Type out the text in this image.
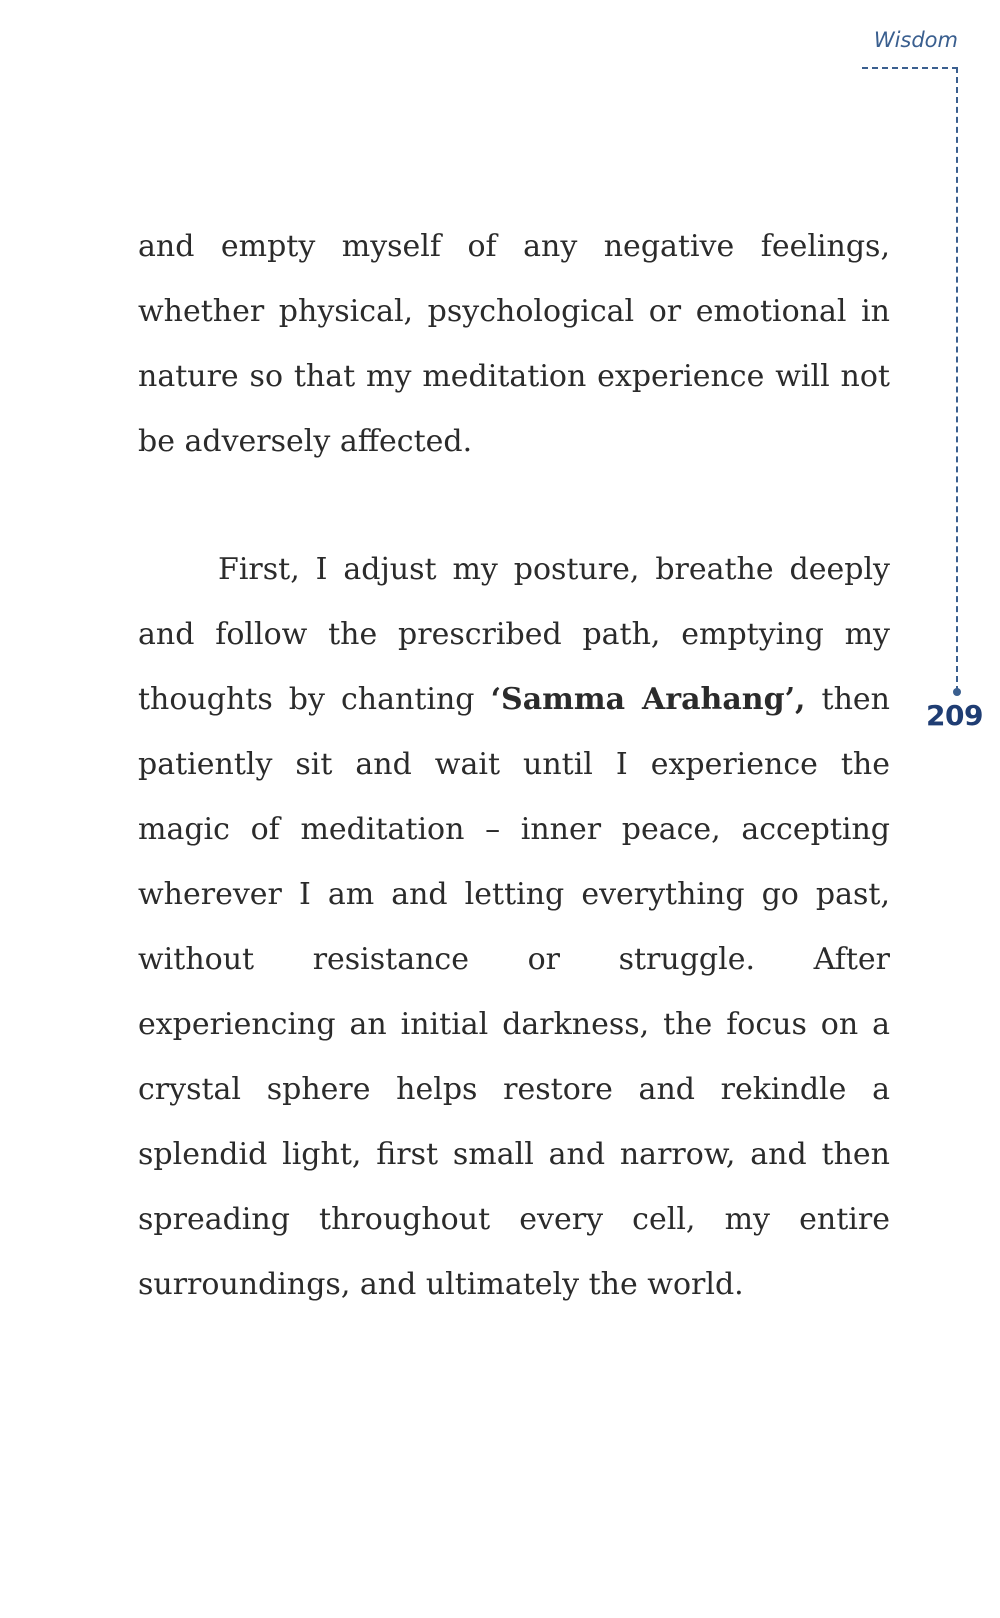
Wisdom

209

and empty myself of any negative feelings, whether physical, psychological or emotional in nature so that my meditation experience will not be adversely affected.

First, I adjust my posture, breathe deeply and follow the prescribed path, emptying my thoughts by chanting ‘Samma Arahang’, then patiently sit and wait until I experience the magic of meditation – inner peace, accepting wherever I am and letting everything go past, without resistance or struggle. After experiencing an initial darkness, the focus on a crystal sphere helps restore and rekindle a splendid light, first small and narrow, and then spreading throughout every cell, my entire surroundings, and ultimately the world.
